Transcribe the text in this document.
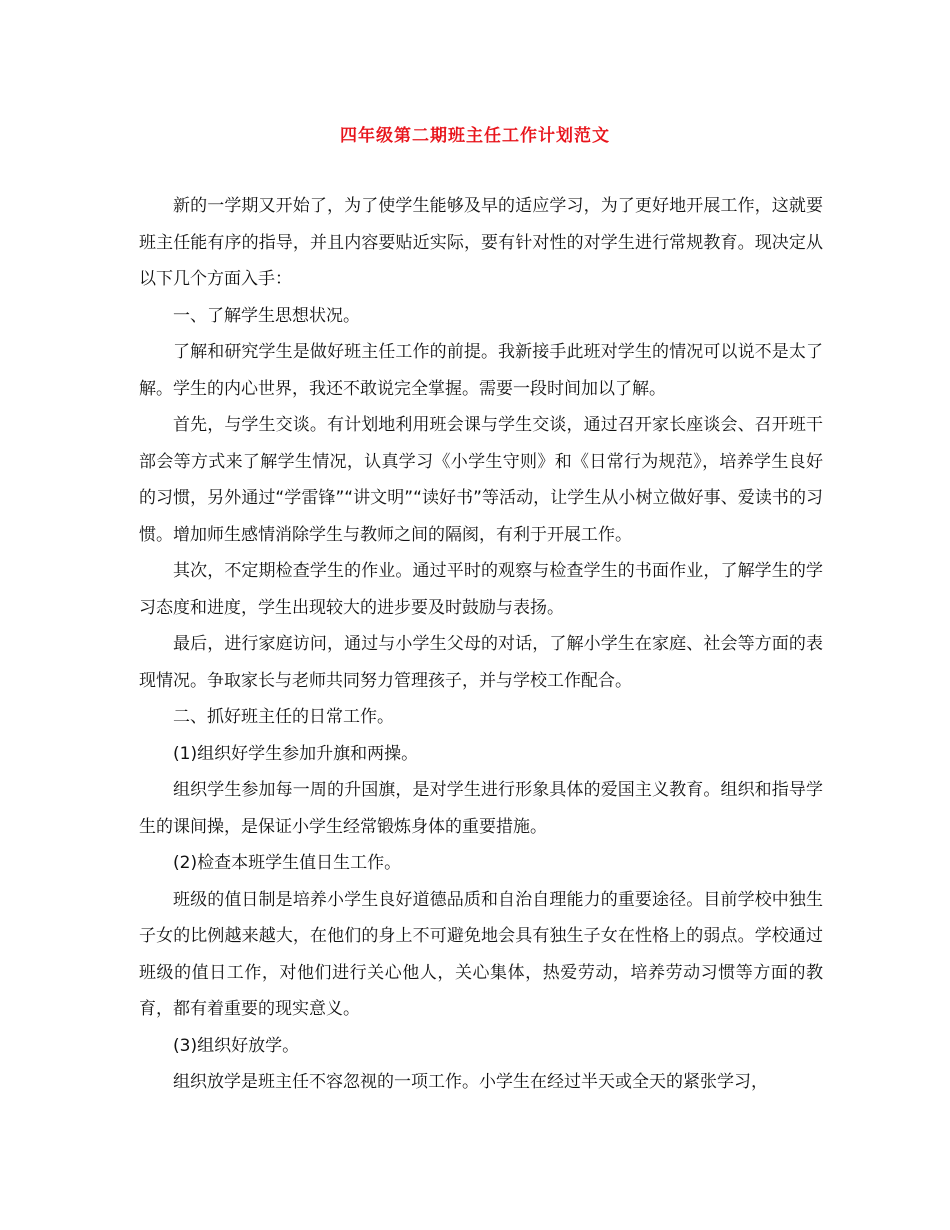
四年级第二期班主任工作计划范文

新的一学期又开始了，为了使学生能够及早的适应学习，为了更好地开展工作，这就要班主任能有序的指导，并且内容要贴近实际，要有针对性的对学生进行常规教育。现决定从以下几个方面入手：

一、了解学生思想状况。

了解和研究学生是做好班主任工作的前提。我新接手此班对学生的情况可以说不是太了解。学生的内心世界，我还不敢说完全掌握。需要一段时间加以了解。

首先，与学生交谈。有计划地利用班会课与学生交谈，通过召开家长座谈会、召开班干部会等方式来了解学生情况，认真学习《小学生守则》和《日常行为规范》，培养学生良好的习惯，另外通过“学雷锋”“讲文明”“读好书”等活动，让学生从小树立做好事、爱读书的习惯。增加师生感情消除学生与教师之间的隔阂，有利于开展工作。

其次，不定期检查学生的作业。通过平时的观察与检查学生的书面作业，了解学生的学习态度和进度，学生出现较大的进步要及时鼓励与表扬。

最后，进行家庭访问，通过与小学生父母的对话，了解小学生在家庭、社会等方面的表现情况。争取家长与老师共同努力管理孩子，并与学校工作配合。

二、抓好班主任的日常工作。

(1)组织好学生参加升旗和两操。

组织学生参加每一周的升国旗，是对学生进行形象具体的爱国主义教育。组织和指导学生的课间操，是保证小学生经常锻炼身体的重要措施。

(2)检查本班学生值日生工作。

班级的值日制是培养小学生良好道德品质和自治自理能力的重要途径。目前学校中独生子女的比例越来越大，在他们的身上不可避免地会具有独生子女在性格上的弱点。学校通过班级的值日工作，对他们进行关心他人，关心集体，热爱劳动，培养劳动习惯等方面的教育，都有着重要的现实意义。

(3)组织好放学。

组织放学是班主任不容忽视的一项工作。小学生在经过半天或全天的紧张学习，
